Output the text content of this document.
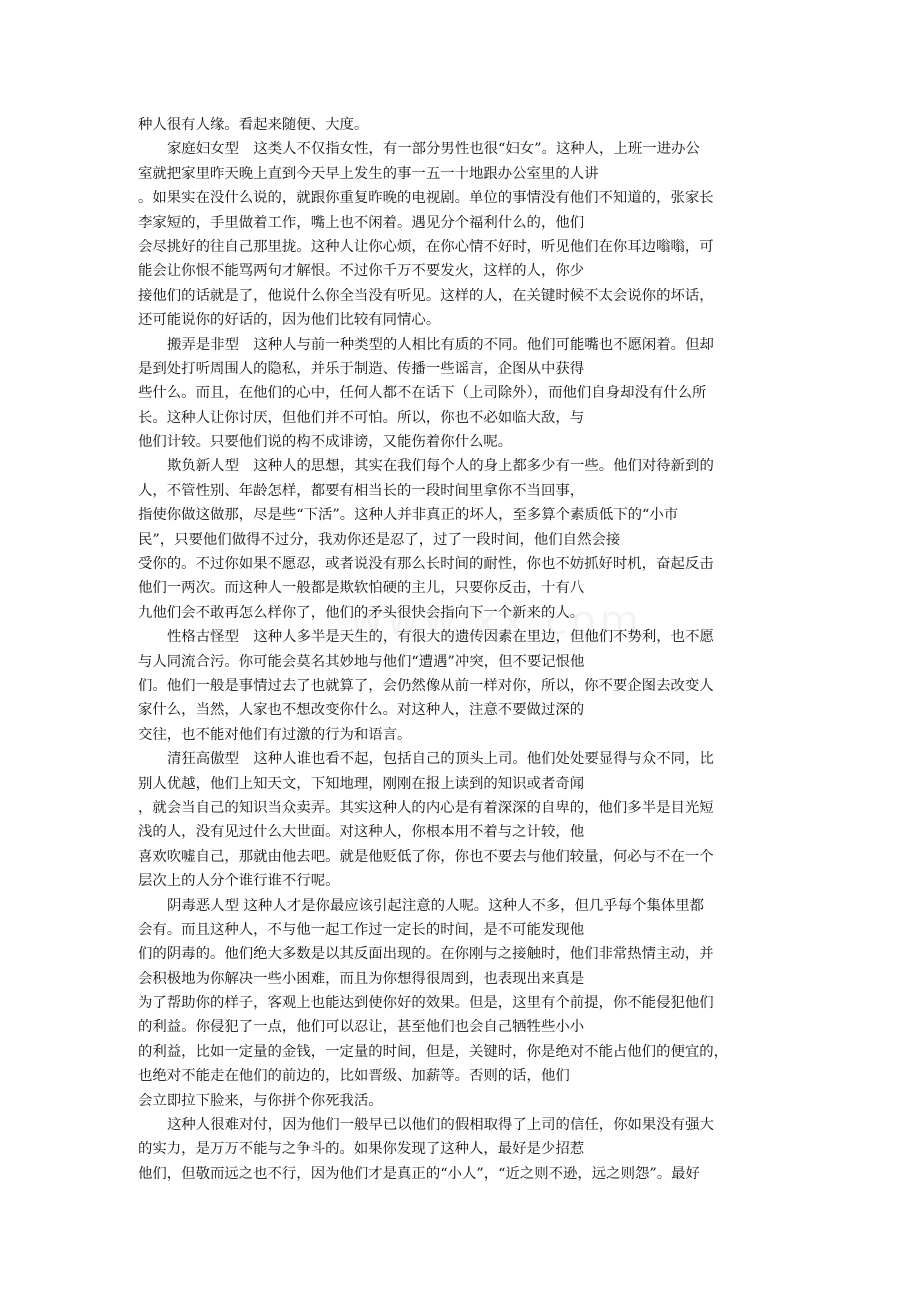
种人很有人缘。看起来随便、大度。
家庭妇女型　这类人不仅指女性，有一部分男性也很“妇女”。这种人，上班一进办公
室就把家里昨天晚上直到今天早上发生的事一五一十地跟办公室里的人讲
。如果实在没什么说的，就跟你重复昨晚的电视剧。单位的事情没有他们不知道的，张家长
李家短的，手里做着工作，嘴上也不闲着。遇见分个福利什么的，他们
会尽挑好的往自己那里拢。这种人让你心烦，在你心情不好时，听见他们在你耳边嗡嗡，可
能会让你恨不能骂两句才解恨。不过你千万不要发火，这样的人，你少
接他们的话就是了，他说什么你全当没有听见。这样的人，在关键时候不太会说你的坏话，
还可能说你的好话的，因为他们比较有同情心。
搬弄是非型　这种人与前一种类型的人相比有质的不同。他们可能嘴也不愿闲着。但却
是到处打听周围人的隐私，并乐于制造、传播一些谣言，企图从中获得
些什么。而且，在他们的心中，任何人都不在话下（上司除外），而他们自身却没有什么所
长。这种人让你讨厌，但他们并不可怕。所以，你也不必如临大敌，与
他们计较。只要他们说的构不成诽谤，又能伤着你什么呢。
欺负新人型　这种人的思想，其实在我们每个人的身上都多少有一些。他们对待新到的
人，不管性别、年龄怎样，都要有相当长的一段时间里拿你不当回事，
指使你做这做那，尽是些“下活”。这种人并非真正的坏人，至多算个素质低下的“小市
民”，只要他们做得不过分，我劝你还是忍了，过了一段时间，他们自然会接
受你的。不过你如果不愿忍，或者说没有那么长时间的耐性，你也不妨抓好时机，奋起反击
他们一两次。而这种人一般都是欺软怕硬的主儿，只要你反击，十有八
九他们会不敢再怎么样你了，他们的矛头很快会指向下一个新来的人。
性格古怪型　这种人多半是天生的，有很大的遗传因素在里边，但他们不势利，也不愿
与人同流合污。你可能会莫名其妙地与他们“遭遇”冲突，但不要记恨他
们。他们一般是事情过去了也就算了，会仍然像从前一样对你，所以，你不要企图去改变人
家什么，当然，人家也不想改变你什么。对这种人，注意不要做过深的
交往，也不能对他们有过激的行为和语言。
清狂高傲型　这种人谁也看不起，包括自己的顶头上司。他们处处要显得与众不同，比
别人优越，他们上知天文，下知地理，刚刚在报上读到的知识或者奇闻
，就会当自己的知识当众卖弄。其实这种人的内心是有着深深的自卑的，他们多半是目光短
浅的人，没有见过什么大世面。对这种人，你根本用不着与之计较，他
喜欢吹嘘自己，那就由他去吧。就是他贬低了你，你也不要去与他们较量，何必与不在一个
层次上的人分个谁行谁不行呢。
阴毒恶人型 这种人才是你最应该引起注意的人呢。这种人不多，但几乎每个集体里都
会有。而且这种人，不与他一起工作过一定长的时间，是不可能发现他
们的阴毒的。他们绝大多数是以其反面出现的。在你刚与之接触时，他们非常热情主动，并
会积极地为你解决一些小困难，而且为你想得很周到，也表现出来真是
为了帮助你的样子，客观上也能达到使你好的效果。但是，这里有个前提，你不能侵犯他们
的利益。你侵犯了一点，他们可以忍让，甚至他们也会自己牺牲些小小
的利益，比如一定量的金钱，一定量的时间，但是，关键时，你是绝对不能占他们的便宜的，
也绝对不能走在他们的前边的，比如晋级、加薪等。否则的话，他们
会立即拉下脸来，与你拼个你死我活。
这种人很难对付，因为他们一般早已以他们的假相取得了上司的信任，你如果没有强大
的实力，是万万不能与之争斗的。如果你发现了这种人，最好是少招惹
他们，但敬而远之也不行，因为他们才是真正的“小人”，“近之则不逊，远之则怨”。最好
